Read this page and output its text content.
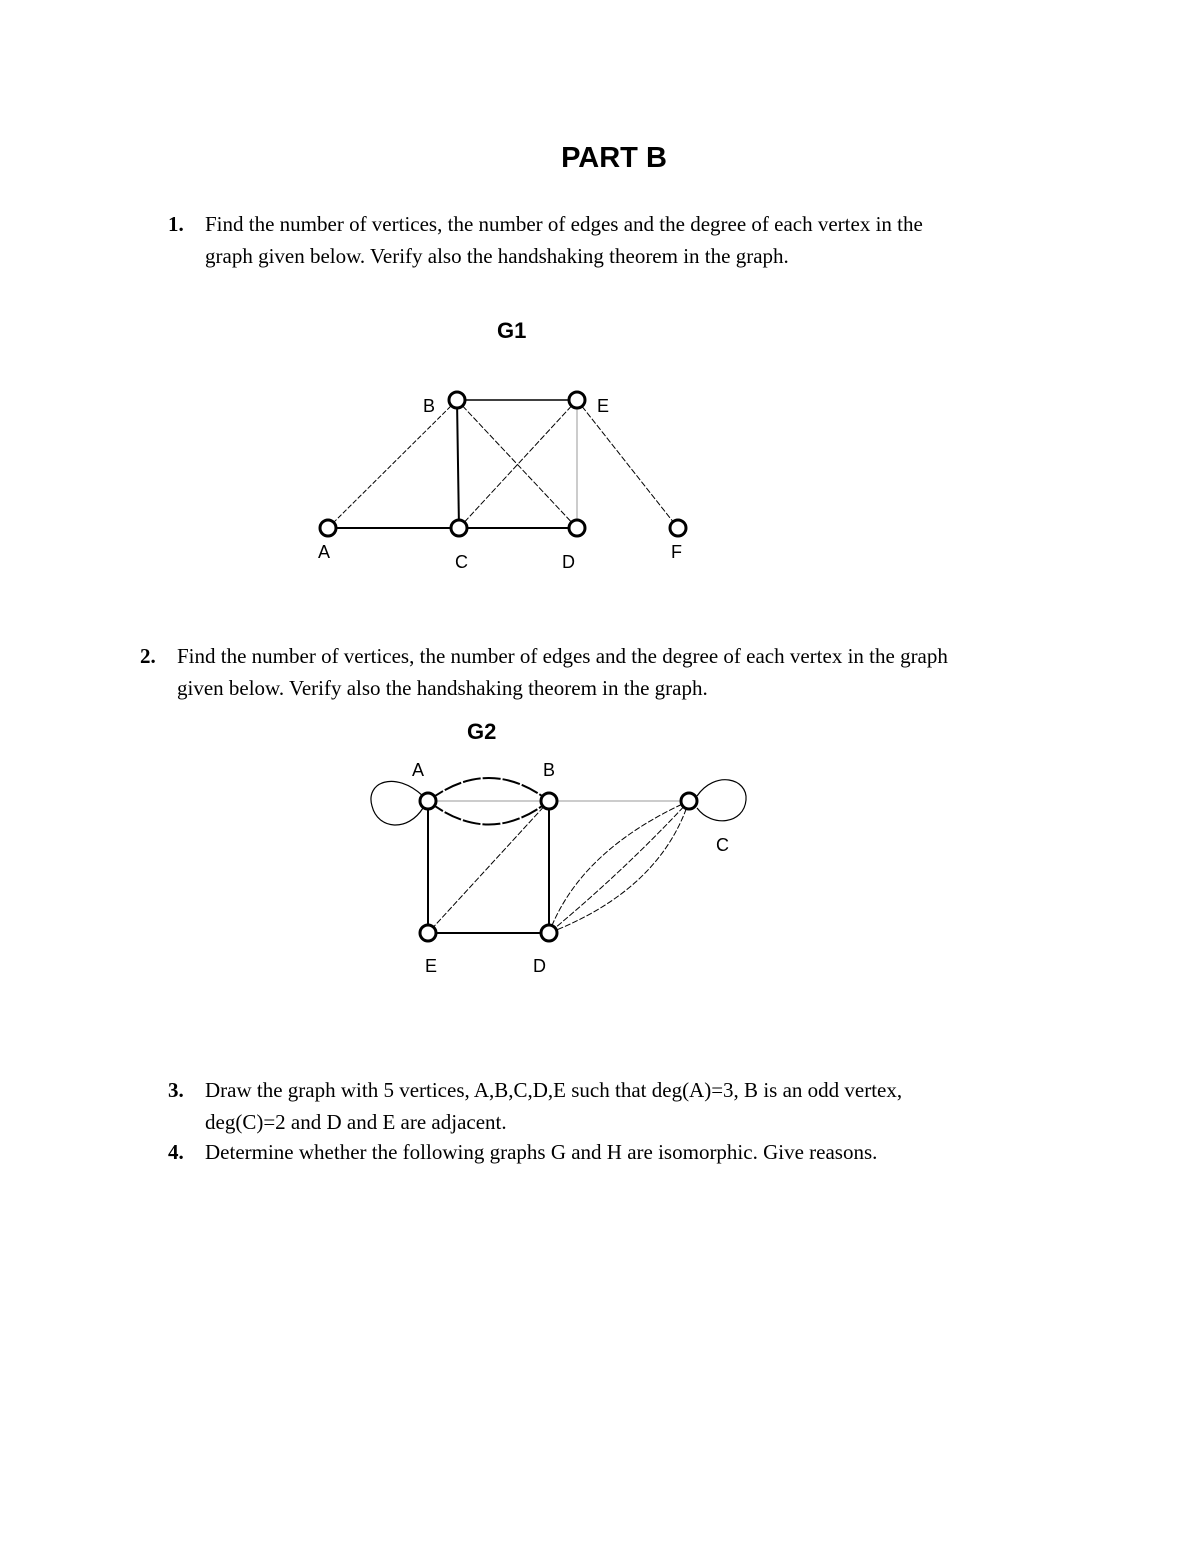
PART B
1. Find the number of vertices, the number of edges and the degree of each vertex in the
graph given below. Verify also the handshaking theorem in the graph.
G1
A
B
C	D
E
F
2. Find the number of vertices, the number of edges and the degree of each vertex in the graph
given below. Verify also the handshaking theorem in the graph.
G2
A	B
C
D
E
3. Draw the graph with 5 vertices, A,B,C,D,E such that deg(A)=3, B is an odd vertex,
deg(C)=2 and D and E are adjacent.
4. Determine whether the following graphs G and H are isomorphic. Give reasons.
